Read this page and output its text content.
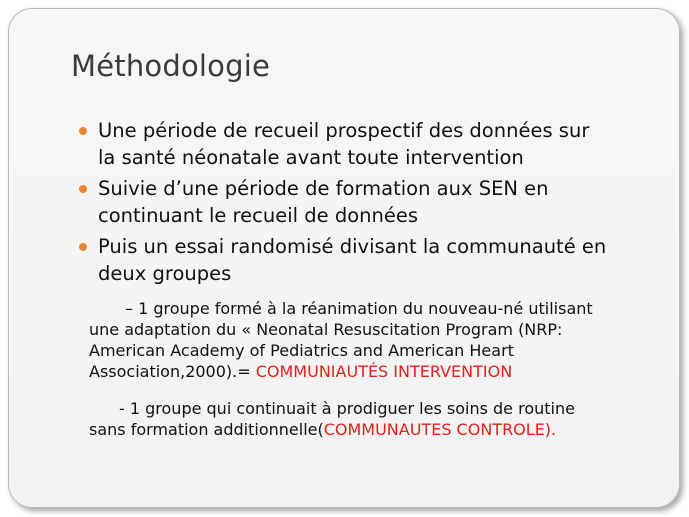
Méthodologie
Une période de recueil prospectif des données sur
la santé néonatale avant toute intervention
Suivie d’une période de formation aux SEN en
continuant le recueil de données
Puis un essai randomisé divisant la communauté en
deux groupes
– 1 groupe formé à la réanimation du nouveau-né utilisant
une adaptation du « Neonatal Resuscitation Program (NRP:
American Academy of Pediatrics and American Heart
Association,2000).= COMMUNIAUTÉS INTERVENTION
- 1 groupe qui continuait à prodiguer les soins de routine
sans formation additionnelle(COMMUNAUTES CONTROLE).
